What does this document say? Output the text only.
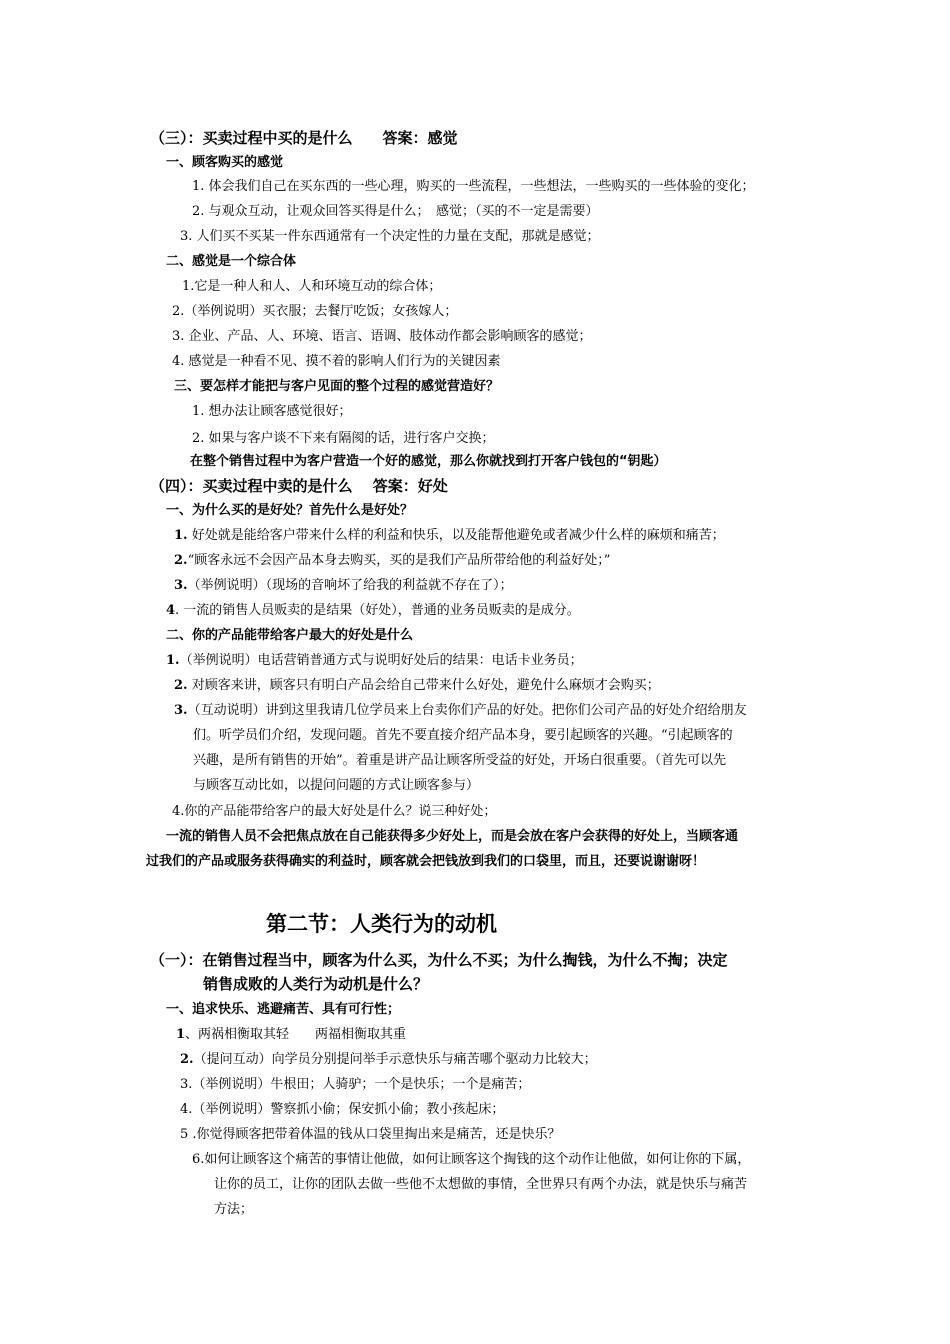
（三）：买卖过程中买的是什么　　答案：感觉
一、顾客购买的感觉
1. 体会我们自己在买东西的一些心理，购买的一些流程，一些想法，一些购买的一些体验的变化；
2. 与观众互动，让观众回答买得是什么；　感觉；（买的不一定是需要）
3. 人们买不买某一件东西通常有一个决定性的力量在支配，那就是感觉；
二、感觉是一个综合体
1.它是一种人和人、人和环境互动的综合体；
2.（举例说明）买衣服；去餐厅吃饭；女孩嫁人；
3. 企业、产品、人、环境、语言、语调、肢体动作都会影响顾客的感觉；
4. 感觉是一种看不见、摸不着的影响人们行为的关键因素
三、要怎样才能把与客户见面的整个过程的感觉营造好？
1. 想办法让顾客感觉很好；
2. 如果与客户谈不下来有隔阂的话，进行客户交换；
在整个销售过程中为客户营造一个好的感觉，那么你就找到打开客户钱包的“钥匙）
（四）：买卖过程中卖的是什么　 答案：好处
一、为什么买的是好处？首先什么是好处？
1. 好处就是能给客户带来什么样的利益和快乐，以及能帮他避免或者减少什么样的麻烦和痛苦；
2.“顾客永远不会因产品本身去购买，买的是我们产品所带给他的利益好处；”
3.（举例说明）（现场的音响坏了给我的利益就不存在了）；
4. 一流的销售人员贩卖的是结果（好处），普通的业务员贩卖的是成分。
二、你的产品能带给客户最大的好处是什么
1.（举例说明）电话营销普通方式与说明好处后的结果：电话卡业务员；
2. 对顾客来讲，顾客只有明白产品会给自己带来什么好处，避免什么麻烦才会购买；
3.（互动说明）讲到这里我请几位学员来上台卖你们产品的好处。把你们公司产品的好处介绍给朋友
们。听学员们介绍，发现问题。首先不要直接介绍产品本身，要引起顾客的兴趣。“引起顾客的
兴趣，是所有销售的开始”。着重是讲产品让顾客所受益的好处，开场白很重要。（首先可以先
与顾客互动比如，以提问问题的方式让顾客参与）
4.你的产品能带给客户的最大好处是什么？说三种好处；
一流的销售人员不会把焦点放在自己能获得多少好处上，而是会放在客户会获得的好处上，当顾客通
过我们的产品或服务获得确实的利益时，顾客就会把钱放到我们的口袋里，而且，还要说谢谢呀！
第二节：人类行为的动机
（一）：在销售过程当中，顾客为什么买，为什么不买；为什么掏钱，为什么不掏；决定
销售成败的人类行为动机是什么？
一、追求快乐、逃避痛苦、具有可行性；
1、两祸相衡取其轻　　两福相衡取其重
2.（提问互动）向学员分别提问举手示意快乐与痛苦哪个驱动力比较大；
3.（举例说明）牛根田；人骑驴；一个是快乐；一个是痛苦；
4.（举例说明）警察抓小偷；保安抓小偷；教小孩起床；
5 .你觉得顾客把带着体温的钱从口袋里掏出来是痛苦，还是快乐？
6.如何让顾客这个痛苦的事情让他做，如何让顾客这个掏钱的这个动作让他做，如何让你的下属，
让你的员工，让你的团队去做一些他不太想做的事情，全世界只有两个办法，就是快乐与痛苦
方法；
